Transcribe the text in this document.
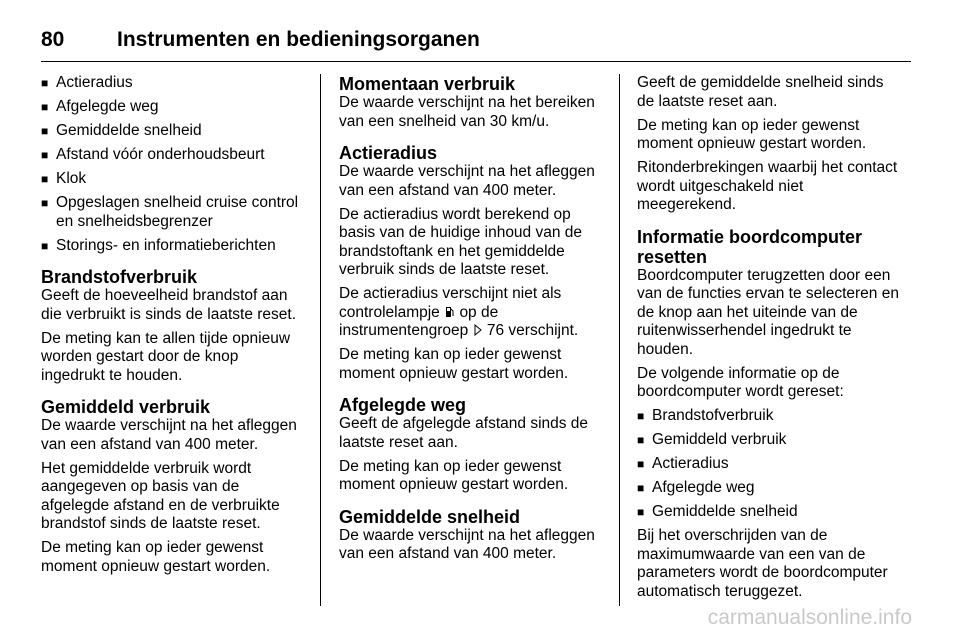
80	Instrumenten en bedieningsorganen
■ Actieradius
■ Afgelegde weg
■ Gemiddelde snelheid
■ Afstand vóór onderhoudsbeurt
■ Klok
■ Opgeslagen snelheid cruise control en snelheidsbegrenzer
■ Storings- en informatieberichten
Brandstofverbruik

Geeft de hoeveelheid brandstof aan die verbruikt is sinds de laatste reset.

De meting kan te allen tijde opnieuw worden gestart door de knop ingedrukt te houden.

Gemiddeld verbruik

De waarde verschijnt na het afleggen van een afstand van 400 meter.

Het gemiddelde verbruik wordt aangegeven op basis van de afgelegde afstand en de verbruikte brandstof sinds de laatste reset.

De meting kan op ieder gewenst moment opnieuw gestart worden.

Momentaan verbruik

De waarde verschijnt na het bereiken van een snelheid van 30 km/u.

Actieradius

De waarde verschijnt na het afleggen van een afstand van 400 meter.

De actieradius wordt berekend op basis van de huidige inhoud van de brandstoftank en het gemiddelde verbruik sinds de laatste reset.

De actieradius verschijnt niet als controlelampje op de instrumentengroep 76 verschijnt.

De meting kan op ieder gewenst moment opnieuw gestart worden.

Afgelegde weg

Geeft de afgelegde afstand sinds de laatste reset aan.

De meting kan op ieder gewenst moment opnieuw gestart worden.

Gemiddelde snelheid

De waarde verschijnt na het afleggen van een afstand van 400 meter.

Geeft de gemiddelde snelheid sinds de laatste reset aan.

De meting kan op ieder gewenst moment opnieuw gestart worden.

Ritonderbrekingen waarbij het contact wordt uitgeschakeld niet meegerekend.

Informatie boordcomputer resetten

Boordcomputer terugzetten door een van de functies ervan te selecteren en de knop aan het uiteinde van de ruitenwisserhendel ingedrukt te houden.

De volgende informatie op de boordcomputer wordt gereset:

■ Brandstofverbruik
■ Gemiddeld verbruik
■ Actieradius
■ Afgelegde weg
■ Gemiddelde snelheid

Bij het overschrijden van de maximumwaarde van een van de parameters wordt de boordcomputer automatisch teruggezet.

carmanualsonline.info
